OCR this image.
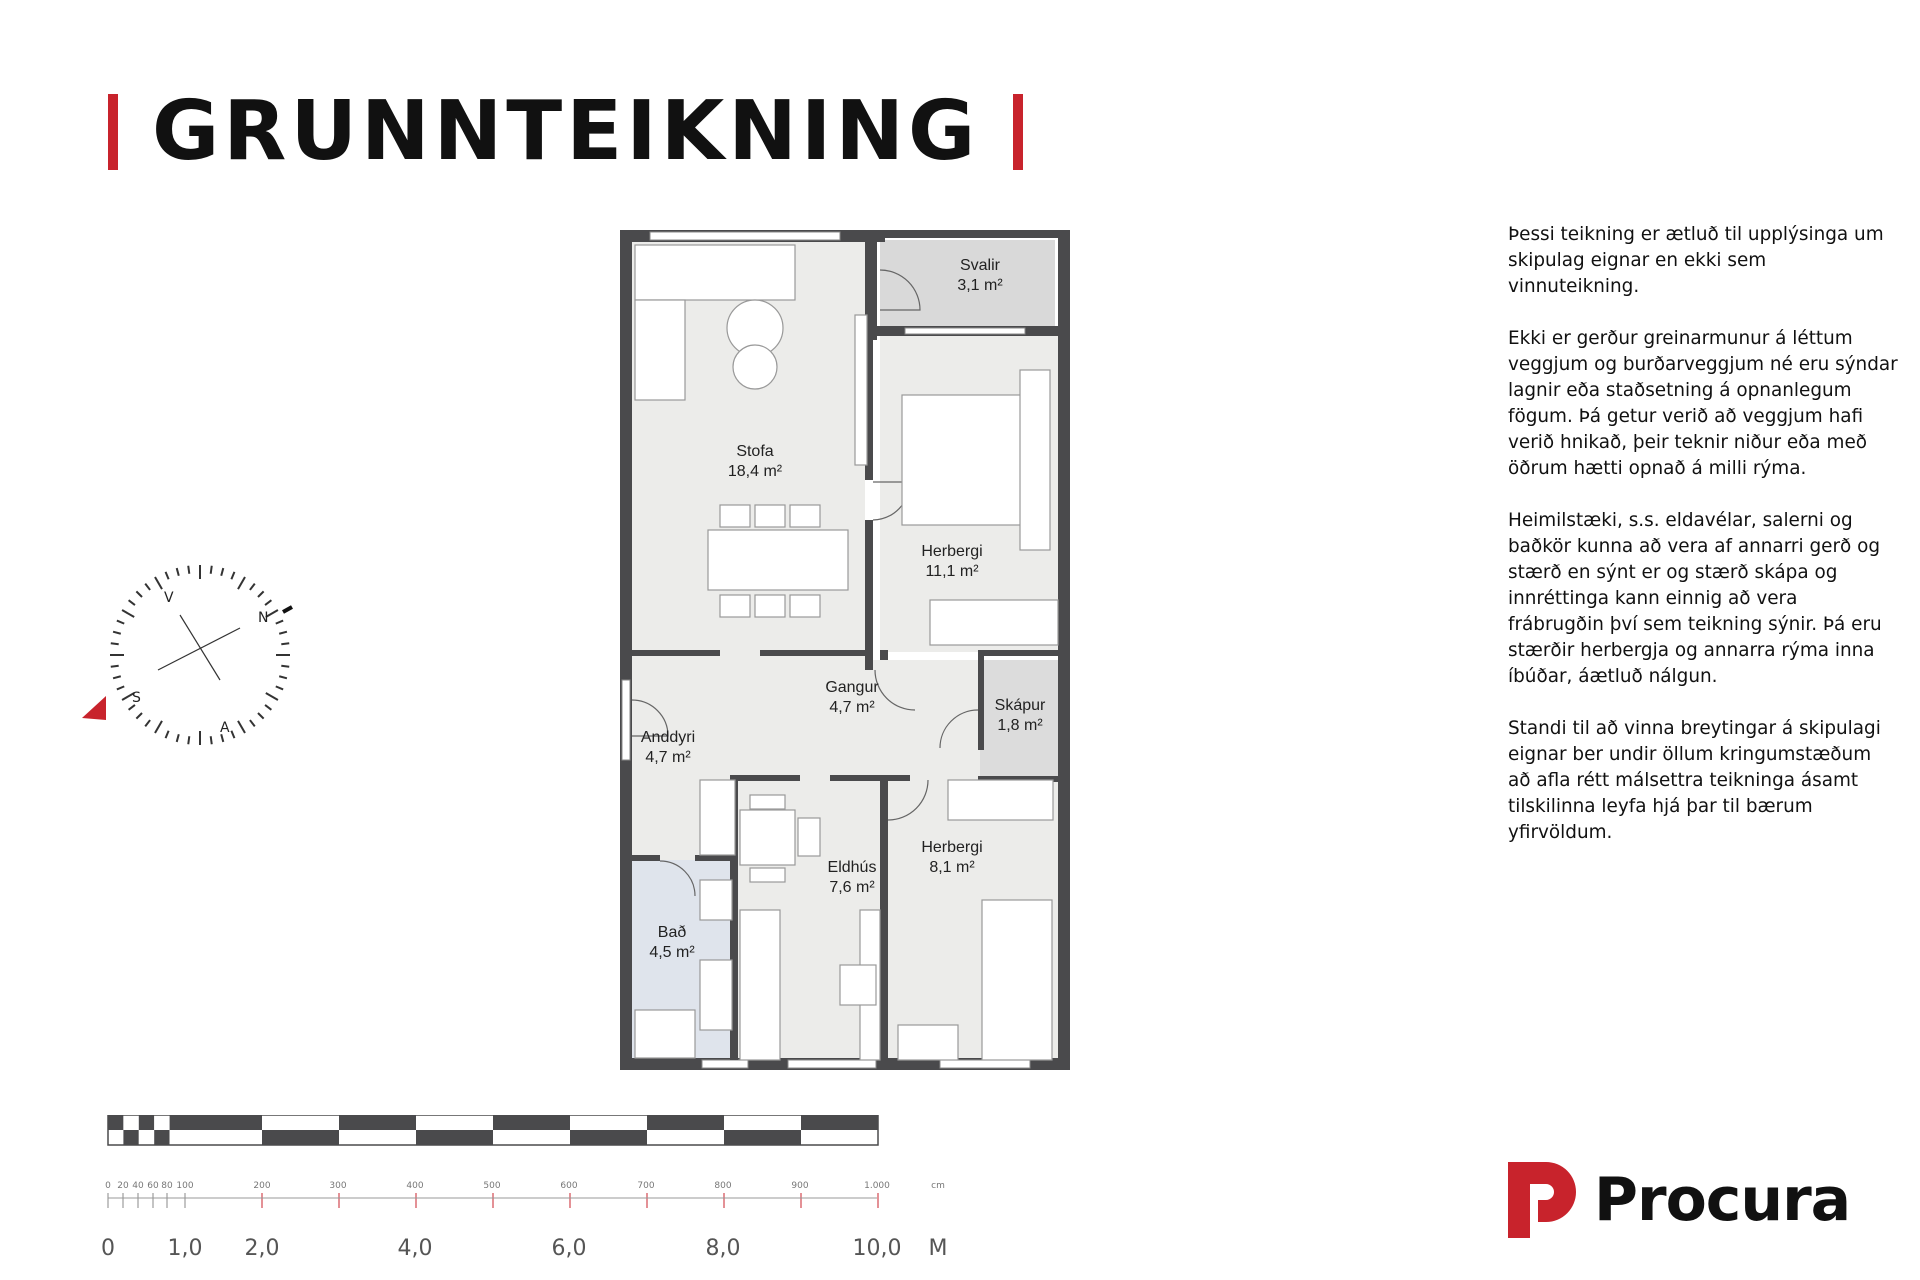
GRUNNTEIKNING
Svalir
3,1 m²
Stofa
18,4 m²
Herbergi
11,1 m²
Gangur
4,7 m²	Skápur
1,8 m²
Anddyri
4,7 m²
Eldhús
7,6 m²
Herbergi
8,1 m²
Bað
4,5 m²
N
S
V
A
0 20 40 60 80 100	200	300	400	500	600	700	800	900	1.000	cm
0 1,0 2,0	4,0	6,0	8,0	10,0 M

Þessi teikning er ætluð til upplýsinga um skipulag eignar en ekki sem vinnuteikning.

Ekki er gerður greinarmunur á léttum veggjum og burðarveggjum né eru sýndar lagnir eða staðsetning á opnanlegum fögum. Þá getur verið að veggjum hafi verið hnikað, þeir teknir niður eða með öðrum hætti opnað á milli rýma.

Heimilstæki, s.s. eldavélar, salerni og baðkör kunna að vera af annarri gerð og stærð en sýnt er og stærð skápa og innréttinga kann einnig að vera frábrugðin því sem teikning sýnir. Þá eru stærðir herbergja og annarra rýma inna íbúðar, áætluð nálgun.

Standi til að vinna breytingar á skipulagi eignar ber undir öllum kringumstæðum að afla rétt málsettra teikninga ásamt tilskilinna leyfa hjá þar til bærum yfirvöldum.

Procura
